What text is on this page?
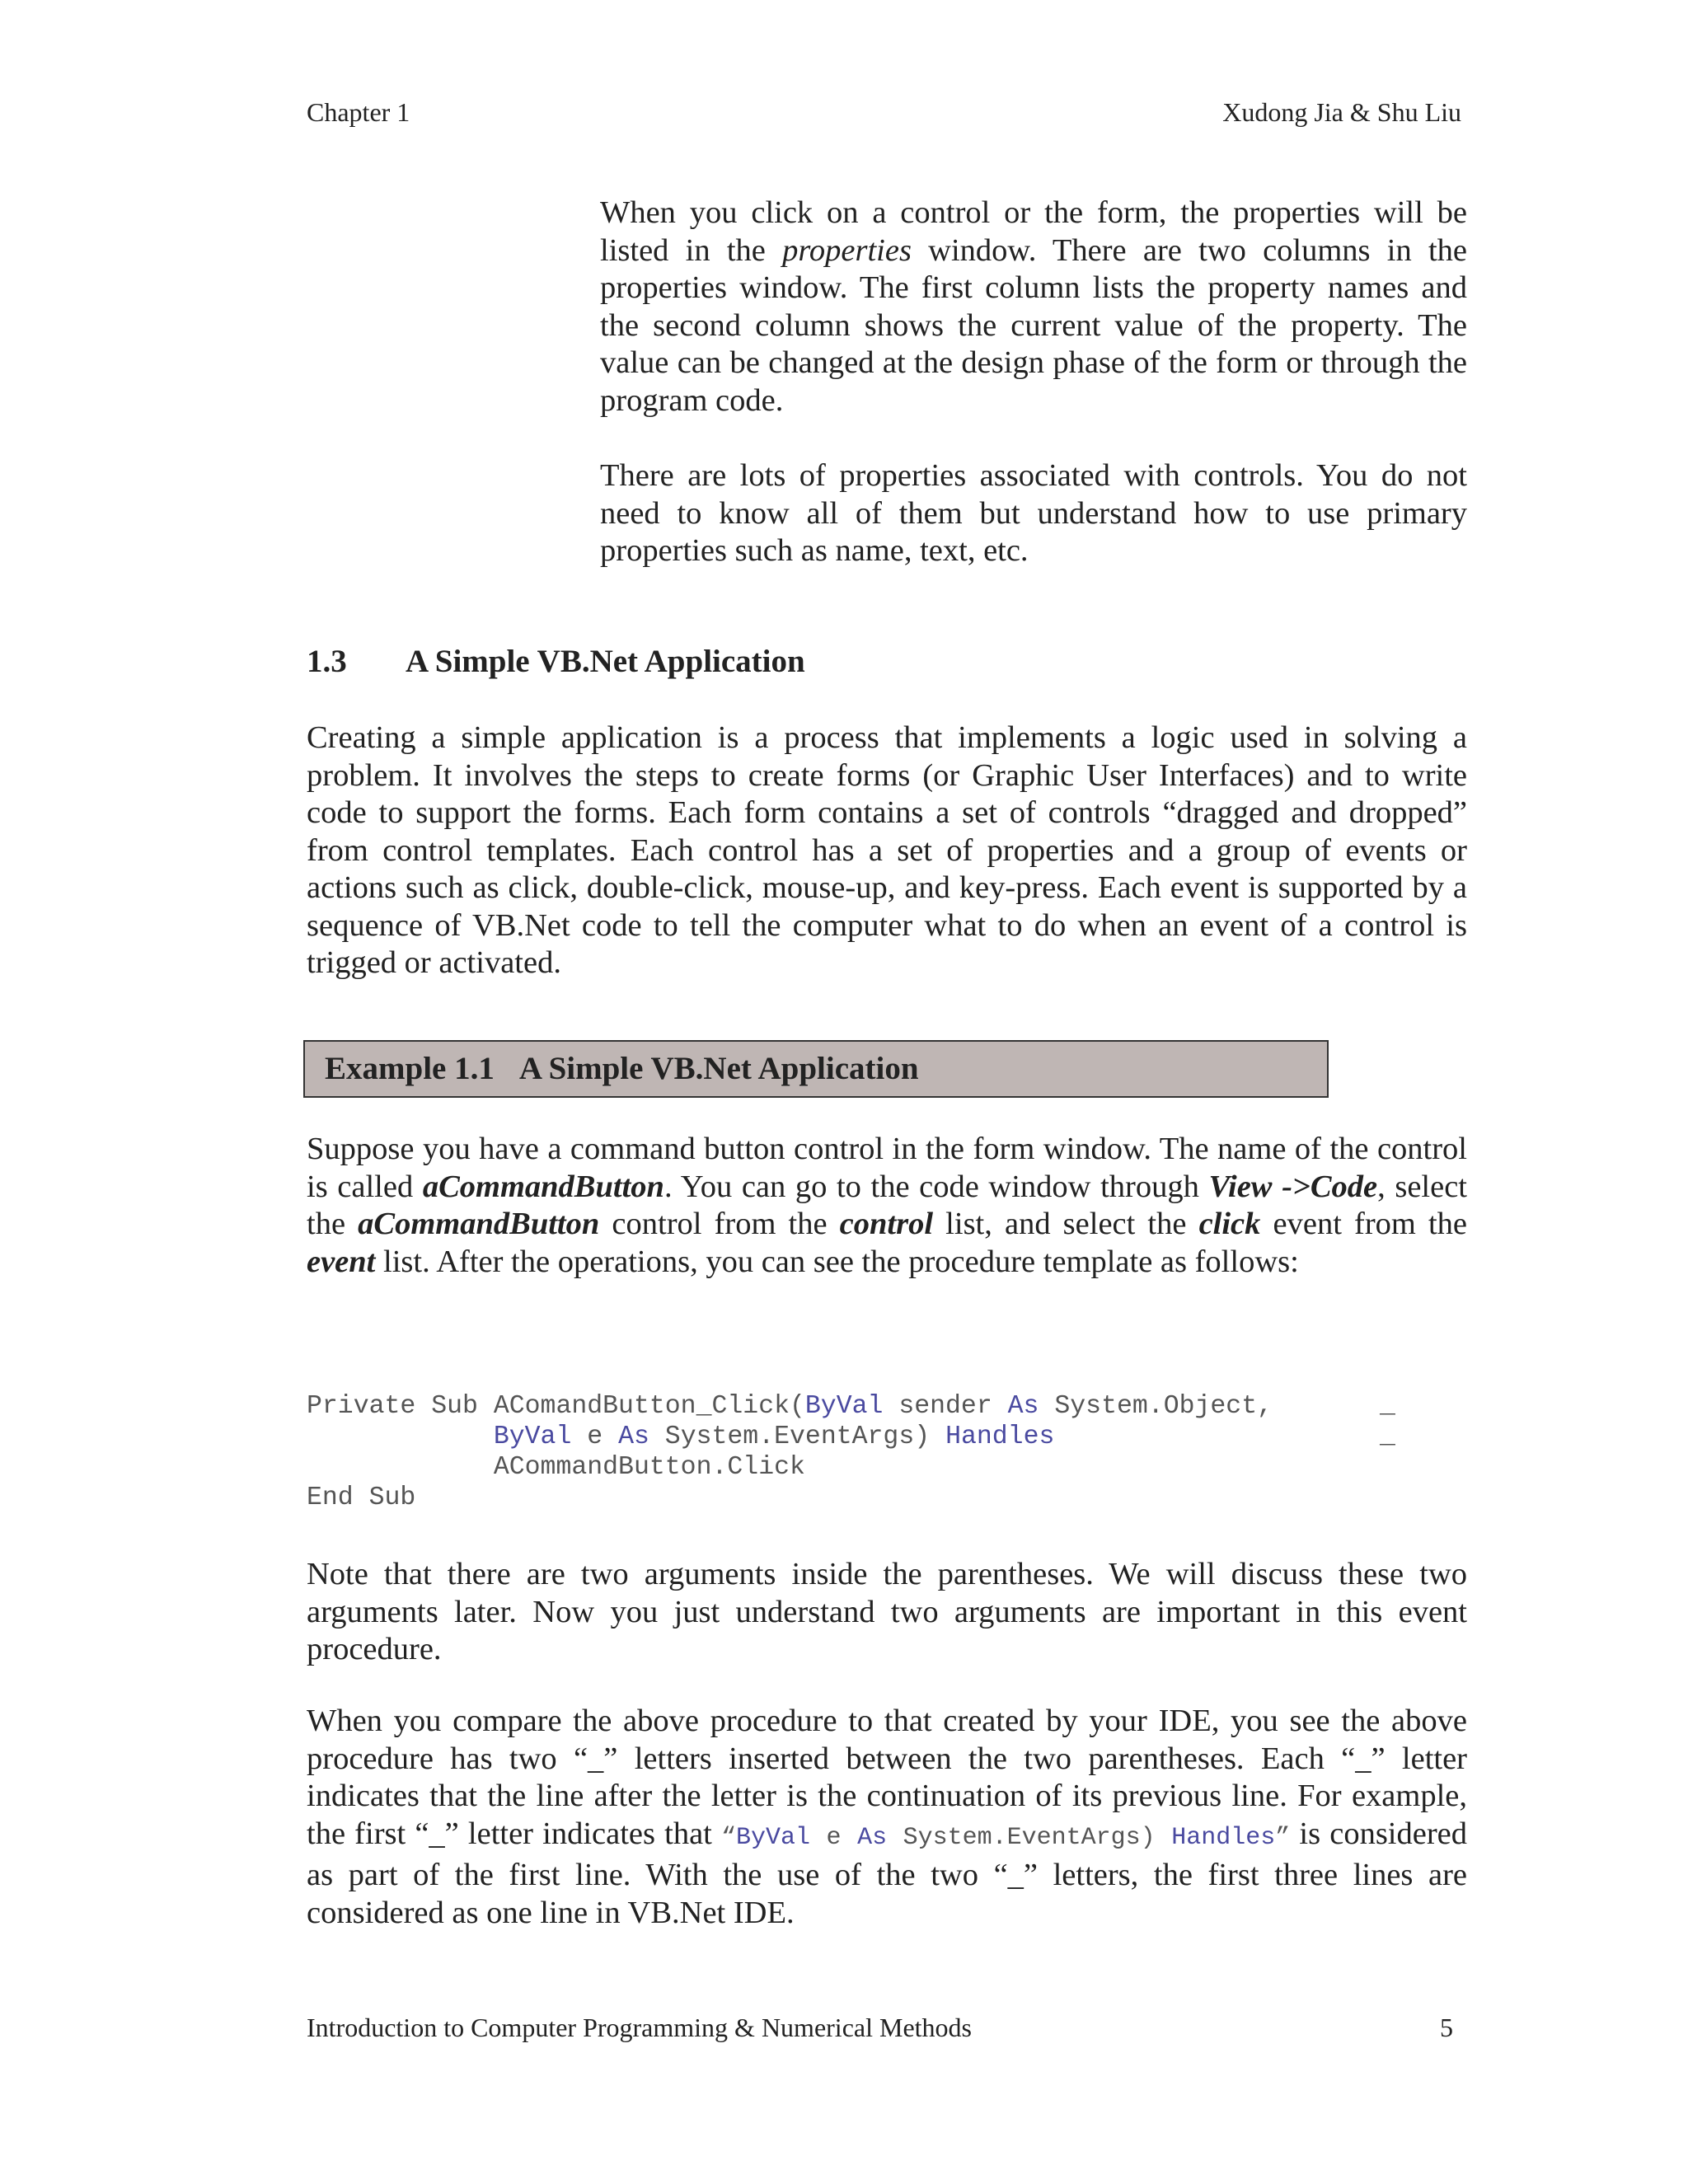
Chapter 1	Xudong Jia & Shu Liu

When you click on a control or the form, the properties will be listed in the properties window. There are two columns in the properties window. The first column lists the property names and the second column shows the current value of the property. The value can be changed at the design phase of the form or through the program code.

There are lots of properties associated with controls. You do not need to know all of them but understand how to use primary properties such as name, text, etc.

1.3 A Simple VB.Net Application

Creating a simple application is a process that implements a logic used in solving a problem. It involves the steps to create forms (or Graphic User Interfaces) and to write code to support the forms. Each form contains a set of controls “dragged and dropped” from control templates. Each control has a set of properties and a group of events or actions such as click, double-click, mouse-up, and key-press. Each event is supported by a sequence of VB.Net code to tell the computer what to do when an event of a control is trigged or activated.

Example 1.1 A Simple VB.Net Application

Suppose you have a command button control in the form window. The name of the control is called aCommandButton. You can go to the code window through View ->Code, select the aCommandButton control from the control list, and select the click event from the event list. After the operations, you can see the procedure template as follows:

Private Sub AComandButton_Click(ByVal sender As System.Object,
ByVal e As System.EventArgs) Handles
ACommandButton.Click
End Sub
_
_

Note that there are two arguments inside the parentheses. We will discuss these two arguments later. Now you just understand two arguments are important in this event procedure.

When you compare the above procedure to that created by your IDE, you see the above procedure has two “_” letters inserted between the two parentheses. Each “_” letter indicates that the line after the letter is the continuation of its previous line. For example, the first “_” letter indicates that “ByVal e As System.EventArgs) Handles” is considered as part of the first line. With the use of the two “_” letters, the first three lines are considered as one line in VB.Net IDE.

Introduction to Computer Programming & Numerical Methods	5
